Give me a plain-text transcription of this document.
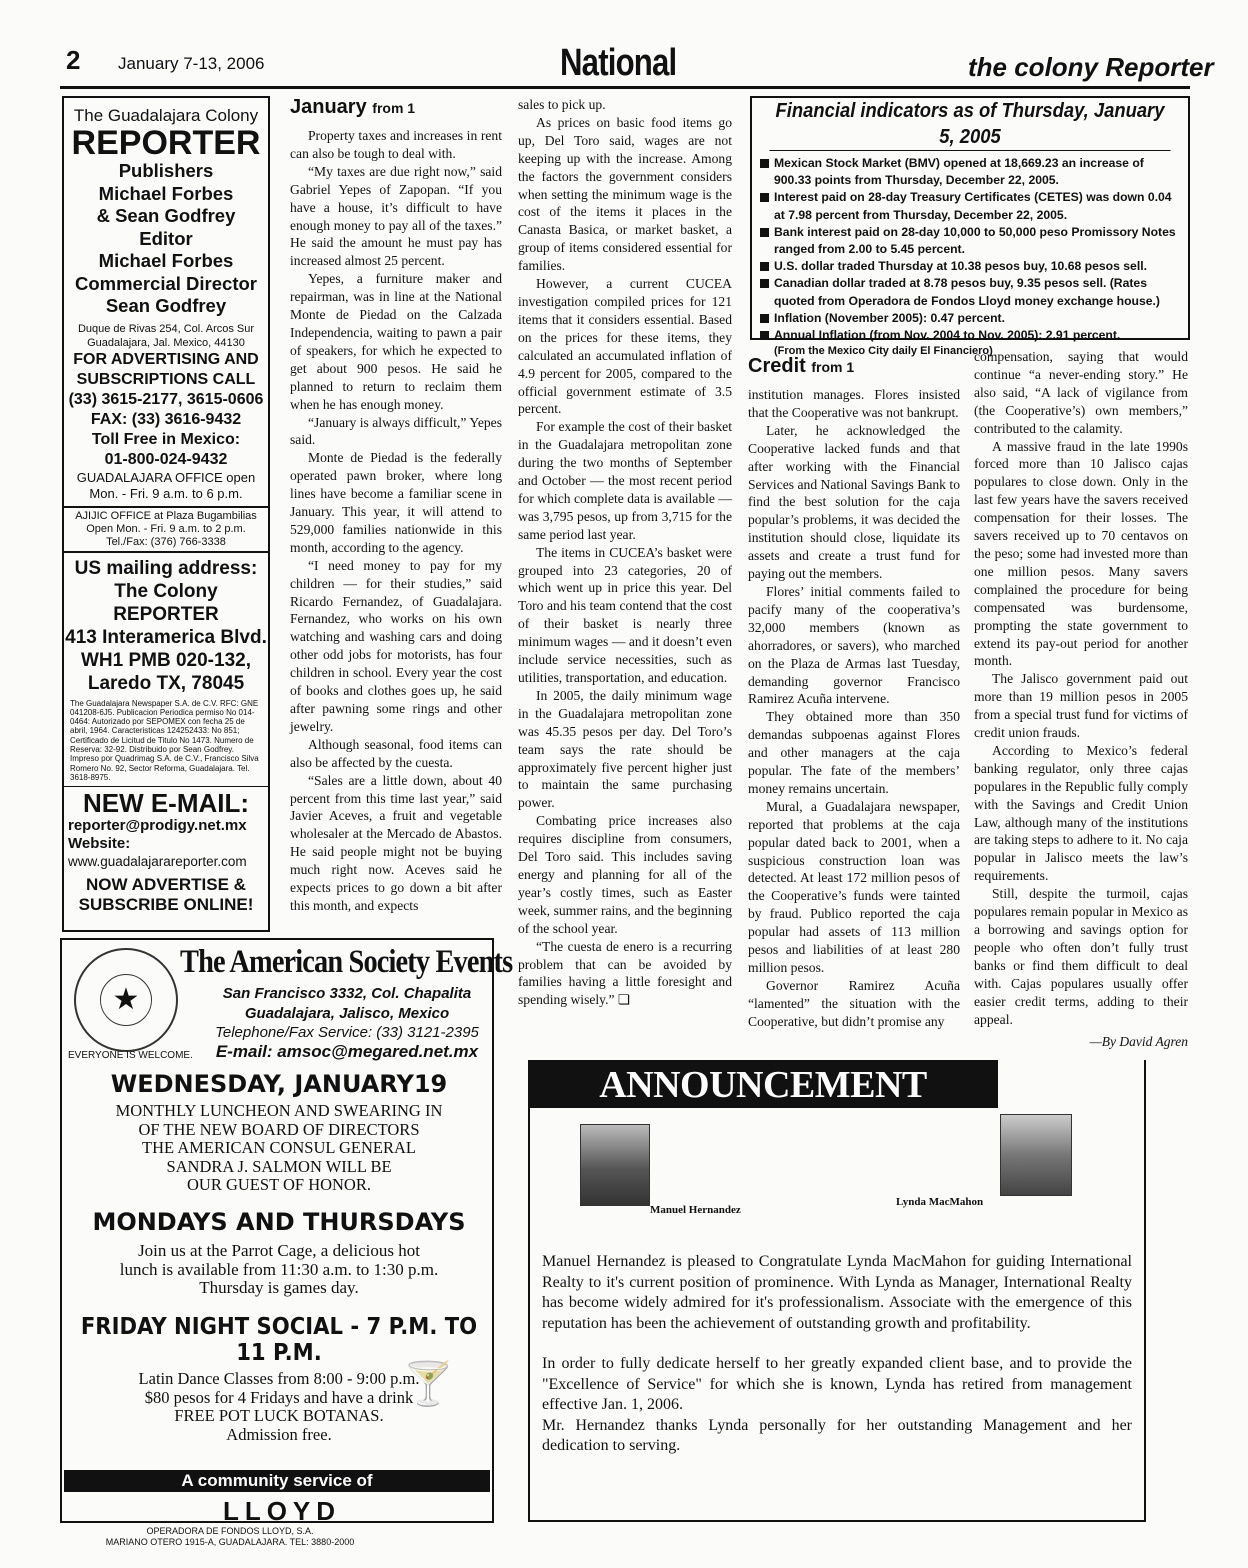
2 January 7-13, 2006	National	the colony Reporter
The Guadalajara Colony
REPORTER
Publishers
Michael Forbes
& Sean Godfrey
Editor
Michael Forbes
Commercial Director
Sean Godfrey
Duque de Rivas 254, Col. Arcos Sur
Guadalajara, Jal. Mexico, 44130
FOR ADVERTISING AND
SUBSCRIPTIONS CALL
(33) 3615-2177, 3615-0606
FAX: (33) 3616-9432
Toll Free in Mexico:
01-800-024-9432
GUADALAJARA OFFICE open
Mon. - Fri. 9 a.m. to 6 p.m.
AJIJIC OFFICE at Plaza Bugambilias
Open Mon. - Fri. 9 a.m. to 2 p.m.
Tel./Fax: (376) 766-3338
US mailing address:
The Colony
REPORTER
413 Interamerica Blvd.
WH1 PMB 020-132,
Laredo TX, 78045
The Guadalajara Newspaper S.A. de C.V. RFC: GNE 041208-6J5. Publicacion Periodica permiso No 014-0464: Autorizado por SEPOMEX con fecha 25 de abril, 1964. Caracteristicas 124252433: No 851; Certificado de Licitud de Titulo No 1473. Numero de Reserva: 32-92. Distribuido por Sean Godfrey. Impreso por Quadrimag S.A. de C.V., Francisco Silva Romero No. 92, Sector Reforma, Guadalajara. Tel. 3618-8975.
NEW E-MAIL:
reporter@prodigy.net.mx
Website:
www.guadalajarareporter.com
NOW ADVERTISE &
SUBSCRIBE ONLINE!
January from 1

Property taxes and increases in rent can also be tough to deal with.

“My taxes are due right now,” said Gabriel Yepes of Zapopan. “If you have a house, it’s difficult to have enough money to pay all of the taxes.” He said the amount he must pay has increased almost 25 percent.

Yepes, a furniture maker and repairman, was in line at the National Monte de Piedad on the Calzada Independencia, waiting to pawn a pair of speakers, for which he expected to get about 900 pesos. He said he planned to return to reclaim them when he has enough money.

“January is always difficult,” Yepes said.

Monte de Piedad is the federally operated pawn broker, where long lines have become a familiar scene in January. This year, it will attend to 529,000 families nationwide in this month, according to the agency.

“I need money to pay for my children — for their studies,” said Ricardo Fernandez, of Guadalajara. Fernandez, who works on his own watching and washing cars and doing other odd jobs for motorists, has four children in school. Every year the cost of books and clothes goes up, he said after pawning some rings and other jewelry.

Although seasonal, food items can also be affected by the cuesta.

“Sales are a little down, about 40 percent from this time last year,” said Javier Aceves, a fruit and vegetable wholesaler at the Mercado de Abastos. He said people might not be buying much right now. Aceves said he expects prices to go down a bit after this month, and expects

sales to pick up.

As prices on basic food items go up, Del Toro said, wages are not keeping up with the increase. Among the factors the government considers when setting the minimum wage is the cost of the items it places in the Canasta Basica, or market basket, a group of items considered essential for families.

However, a current CUCEA investigation compiled prices for 121 items that it considers essential. Based on the prices for these items, they calculated an accumulated inflation of 4.9 percent for 2005, compared to the official government estimate of 3.5 percent.

For example the cost of their basket in the Guadalajara metropolitan zone during the two months of September and October — the most recent period for which complete data is available — was 3,795 pesos, up from 3,715 for the same period last year.

The items in CUCEA’s basket were grouped into 23 categories, 20 of which went up in price this year. Del Toro and his team contend that the cost of their basket is nearly three minimum wages — and it doesn’t even include service necessities, such as utilities, transportation, and education.

In 2005, the daily minimum wage in the Guadalajara metropolitan zone was 45.35 pesos per day. Del Toro’s team says the rate should be approximately five percent higher just to maintain the same purchasing power.

Combating price increases also requires discipline from consumers, Del Toro said. This includes saving energy and planning for all of the year’s costly times, such as Easter week, summer rains, and the beginning of the school year.

“The cuesta de enero is a recurring problem that can be avoided by families having a little foresight and spending wisely.” ❏

Financial indicators as of Thursday, January 5, 2005
Mexican Stock Market (BMV) opened at 18,669.23 an increase of 900.33 points from Thursday, December 22, 2005.
Interest paid on 28-day Treasury Certificates (CETES) was down 0.04 at 7.98 percent from Thursday, December 22, 2005.
Bank interest paid on 28-day 10,000 to 50,000 peso Promissory Notes ranged from 2.00 to 5.45 percent.
U.S. dollar traded Thursday at 10.38 pesos buy, 10.68 pesos sell.
Canadian dollar traded at 8.78 pesos buy, 9.35 pesos sell. (Rates quoted from Operadora de Fondos Lloyd money exchange house.)
Inflation (November 2005): 0.47 percent.
Annual Inflation (from Nov. 2004 to Nov. 2005): 2.91 percent.
(From the Mexico City daily El Financiero)
Credit from 1

institution manages. Flores insisted that the Cooperative was not bankrupt.

Later, he acknowledged the Cooperative lacked funds and that after working with the Financial Services and National Savings Bank to find the best solution for the caja popular’s problems, it was decided the institution should close, liquidate its assets and create a trust fund for paying out the members.

Flores’ initial comments failed to pacify many of the cooperativa’s 32,000 members (known as ahorradores, or savers), who marched on the Plaza de Armas last Tuesday, demanding governor Francisco Ramirez Acuña intervene.

They obtained more than 350 demandas subpoenas against Flores and other managers at the caja popular. The fate of the members’ money remains uncertain.

Mural, a Guadalajara newspaper, reported that problems at the caja popular dated back to 2001, when a suspicious construction loan was detected. At least 172 million pesos of the Cooperative’s funds were tainted by fraud. Publico reported the caja popular had assets of 113 million pesos and liabilities of at least 280 million pesos.

Governor Ramirez Acuña “lamented” the situation with the Cooperative, but didn’t promise any

compensation, saying that would continue “a never-ending story.” He also said, “A lack of vigilance from (the Cooperative’s) own members,” contributed to the calamity.

A massive fraud in the late 1990s forced more than 10 Jalisco cajas populares to close down. Only in the last few years have the savers received compensation for their losses. The savers received up to 70 centavos on the peso; some had invested more than one million pesos. Many savers complained the procedure for being compensated was burdensome, prompting the state government to extend its pay-out period for another month.

The Jalisco government paid out more than 19 million pesos in 2005 from a special trust fund for victims of credit union frauds.

According to Mexico’s federal banking regulator, only three cajas populares in the Republic fully comply with the Savings and Credit Union Law, although many of the institutions are taking steps to adhere to it. No caja popular in Jalisco meets the law’s requirements.

Still, despite the turmoil, cajas populares remain popular in Mexico as a borrowing and savings option for people who often don’t fully trust banks or find them difficult to deal with. Cajas populares usually offer easier credit terms, adding to their appeal.

—By David Agren
★
EVERYONE IS WELCOME.
The American Society Events
San Francisco 3332, Col. Chapalita
Guadalajara, Jalisco, Mexico
Telephone/Fax Service: (33) 3121-2395
E-mail: amsoc@megared.net.mx
WEDNESDAY, JANUARY19
MONTHLY LUNCHEON AND SWEARING IN
OF THE NEW BOARD OF DIRECTORS
THE AMERICAN CONSUL GENERAL
SANDRA J. SALMON WILL BE
OUR GUEST OF HONOR.
MONDAYS AND THURSDAYS
Join us at the Parrot Cage, a delicious hot
lunch is available from 11:30 a.m. to 1:30 p.m.
Thursday is games day.
FRIDAY NIGHT SOCIAL - 7 P.M. TO 11 P.M.
Latin Dance Classes from 8:00 - 9:00 p.m.
$80 pesos for 4 Fridays and have a drink
FREE POT LUCK BOTANAS.
Admission free.
🍸
A community service of
LLOYD
OPERADORA DE FONDOS LLOYD, S.A.
MARIANO OTERO 1915-A, GUADALAJARA. TEL: 3880-2000
ANNOUNCEMENT
Manuel Hernandez
Lynda MacMahon

Manuel Hernandez is pleased to Congratulate Lynda MacMahon for guiding International Realty to it's current position of prominence. With Lynda as Manager, International Realty has become widely admired for it's professionalism. Associate with the emergence of this reputation has been the achievement of outstanding growth and profitability.

In order to fully dedicate herself to her greatly expanded client base, and to provide the "Excellence of Service" for which she is known, Lynda has retired from management effective Jan. 1, 2006.

Mr. Hernandez thanks Lynda personally for her outstanding Management and her dedication to serving.
